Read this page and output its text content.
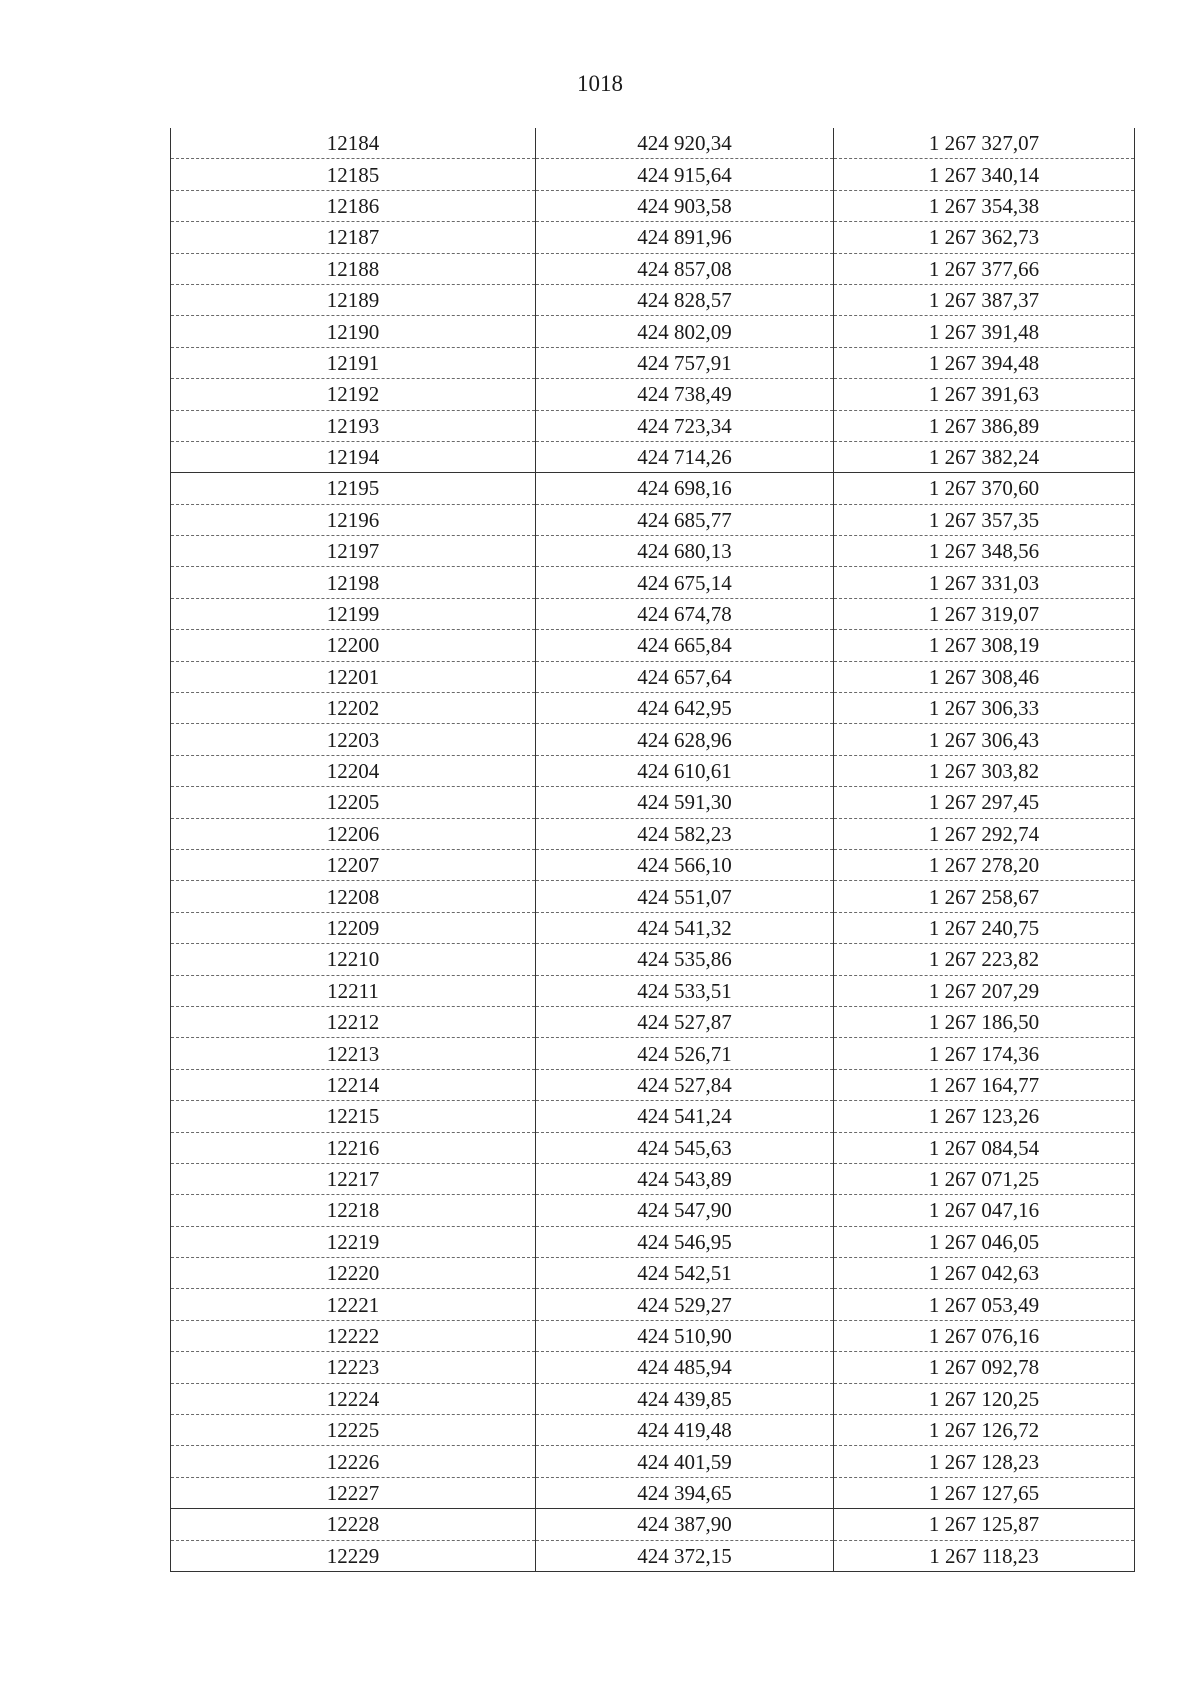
1018
12184	424 920,34	1 267 327,07
12185	424 915,64	1 267 340,14
12186	424 903,58	1 267 354,38
12187	424 891,96	1 267 362,73
12188	424 857,08	1 267 377,66
12189	424 828,57	1 267 387,37
12190	424 802,09	1 267 391,48
12191	424 757,91	1 267 394,48
12192	424 738,49	1 267 391,63
12193	424 723,34	1 267 386,89
12194	424 714,26	1 267 382,24
12195	424 698,16	1 267 370,60
12196	424 685,77	1 267 357,35
12197	424 680,13	1 267 348,56
12198	424 675,14	1 267 331,03
12199	424 674,78	1 267 319,07
12200	424 665,84	1 267 308,19
12201	424 657,64	1 267 308,46
12202	424 642,95	1 267 306,33
12203	424 628,96	1 267 306,43
12204	424 610,61	1 267 303,82
12205	424 591,30	1 267 297,45
12206	424 582,23	1 267 292,74
12207	424 566,10	1 267 278,20
12208	424 551,07	1 267 258,67
12209	424 541,32	1 267 240,75
12210	424 535,86	1 267 223,82
12211	424 533,51	1 267 207,29
12212	424 527,87	1 267 186,50
12213	424 526,71	1 267 174,36
12214	424 527,84	1 267 164,77
12215	424 541,24	1 267 123,26
12216	424 545,63	1 267 084,54
12217	424 543,89	1 267 071,25
12218	424 547,90	1 267 047,16
12219	424 546,95	1 267 046,05
12220	424 542,51	1 267 042,63
12221	424 529,27	1 267 053,49
12222	424 510,90	1 267 076,16
12223	424 485,94	1 267 092,78
12224	424 439,85	1 267 120,25
12225	424 419,48	1 267 126,72
12226	424 401,59	1 267 128,23
12227	424 394,65	1 267 127,65
12228	424 387,90	1 267 125,87
12229	424 372,15	1 267 118,23
